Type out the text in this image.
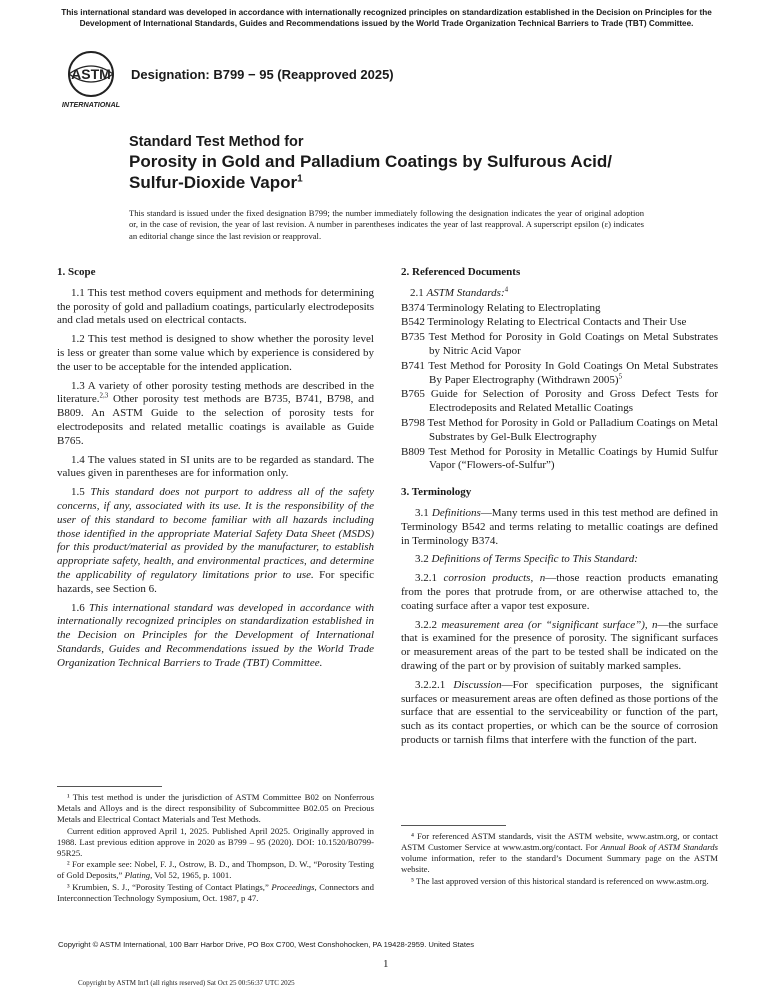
This international standard was developed in accordance with internationally recognized principles on standardization established in the Decision on Principles for the Development of International Standards, Guides and Recommendations issued by the World Trade Organization Technical Barriers to Trade (TBT) Committee.
ASTM
INTERNATIONAL
Designation: B799 − 95 (Reapproved 2025)
Standard Test Method for
Porosity in Gold and Palladium Coatings by Sulfurous Acid/
Sulfur-Dioxide Vapor$^1$
This standard is issued under the fixed designation B799; the number immediately following the designation indicates the year of original adoption or, in the case of revision, the year of last revision. A number in parentheses indicates the year of last reapproval. A superscript epsilon (ε) indicates an editorial change since the last revision or reapproval.
1. Scope

1.1 This test method covers equipment and methods for determining the porosity of gold and palladium coatings, particularly electrodeposits and clad metals used on electrical contacts.

1.2 This test method is designed to show whether the porosity level is less or greater than some value which by experience is considered by the user to be acceptable for the intended application.

1.3 A variety of other porosity testing methods are described in the literature.$^{2,3}$ Other porosity test methods are B735, B741, B798, and B809. An ASTM Guide to the selection of porosity tests for electrodeposits and related metallic coatings is available as Guide B765.

1.4 The values stated in SI units are to be regarded as standard. The values given in parentheses are for information only.

1.5 This standard does not purport to address all of the safety concerns, if any, associated with its use. It is the responsibility of the user of this standard to become familiar with all hazards including those identified in the appropriate Material Safety Data Sheet (MSDS) for this product/material as provided by the manufacturer, to establish appropriate safety, health, and environmental practices, and determine the applicability of regulatory limitations prior to use. For specific hazards, see Section 6.

1.6 This international standard was developed in accordance with internationally recognized principles on standardization established in the Decision on Principles for the Development of International Standards, Guides and Recommendations issued by the World Trade Organization Technical Barriers to Trade (TBT) Committee.

¹ This test method is under the jurisdiction of ASTM Committee B02 on Nonferrous Metals and Alloys and is the direct responsibility of Subcommittee B02.05 on Precious Metals and Electrical Contact Materials and Test Methods.

Current edition approved April 1, 2025. Published April 2025. Originally approved in 1988. Last previous edition approve in 2020 as B799 – 95 (2020). DOI: 10.1520/B0799-95R25.

² For example see: Nobel, F. J., Ostrow, B. D., and Thompson, D. W., “Porosity Testing of Gold Deposits,” Plating, Vol 52, 1965, p. 1001.

³ Krumbien, S. J., “Porosity Testing of Contact Platings,” Proceedings, Connectors and Interconnection Technology Symposium, Oct. 1987, p 47.

2. Referenced Documents
2.1 ASTM Standards:$^4$
B374 Terminology Relating to Electroplating
B542 Terminology Relating to Electrical Contacts and Their Use
B735 Test Method for Porosity in Gold Coatings on Metal Substrates by Nitric Acid Vapor
B741 Test Method for Porosity In Gold Coatings On Metal Substrates By Paper Electrography (Withdrawn 2005)$^5$
B765 Guide for Selection of Porosity and Gross Defect Tests for Electrodeposits and Related Metallic Coatings
B798 Test Method for Porosity in Gold or Palladium Coatings on Metal Substrates by Gel-Bulk Electrography
B809 Test Method for Porosity in Metallic Coatings by Humid Sulfur Vapor (“Flowers-of-Sulfur”)
3. Terminology

3.1 Definitions—Many terms used in this test method are defined in Terminology B542 and terms relating to metallic coatings are defined in Terminology B374.

3.2 Definitions of Terms Specific to This Standard:

3.2.1 corrosion products, n—those reaction products emanating from the pores that protrude from, or are otherwise attached to, the coating surface after a vapor test exposure.

3.2.2 measurement area (or “significant surface”), n—the surface that is examined for the presence of porosity. The significant surfaces or measurement areas of the part to be tested shall be indicated on the drawing of the part or by provision of suitably marked samples.

3.2.2.1 Discussion—For specification purposes, the significant surfaces or measurement areas are often defined as those portions of the surface that are essential to the serviceability or function of the part, such as its contact properties, or which can be the source of corrosion products or tarnish films that interfere with the function of the part.

⁴ For referenced ASTM standards, visit the ASTM website, www.astm.org, or contact ASTM Customer Service at www.astm.org/contact. For Annual Book of ASTM Standards volume information, refer to the standard’s Document Summary page on the ASTM website.

⁵ The last approved version of this historical standard is referenced on www.astm.org.

Copyright © ASTM International, 100 Barr Harbor Drive, PO Box C700, West Conshohocken, PA 19428-2959. United States
1
Copyright by ASTM Int'l (all rights reserved) Sat Oct 25 00:56:37 UTC 2025
